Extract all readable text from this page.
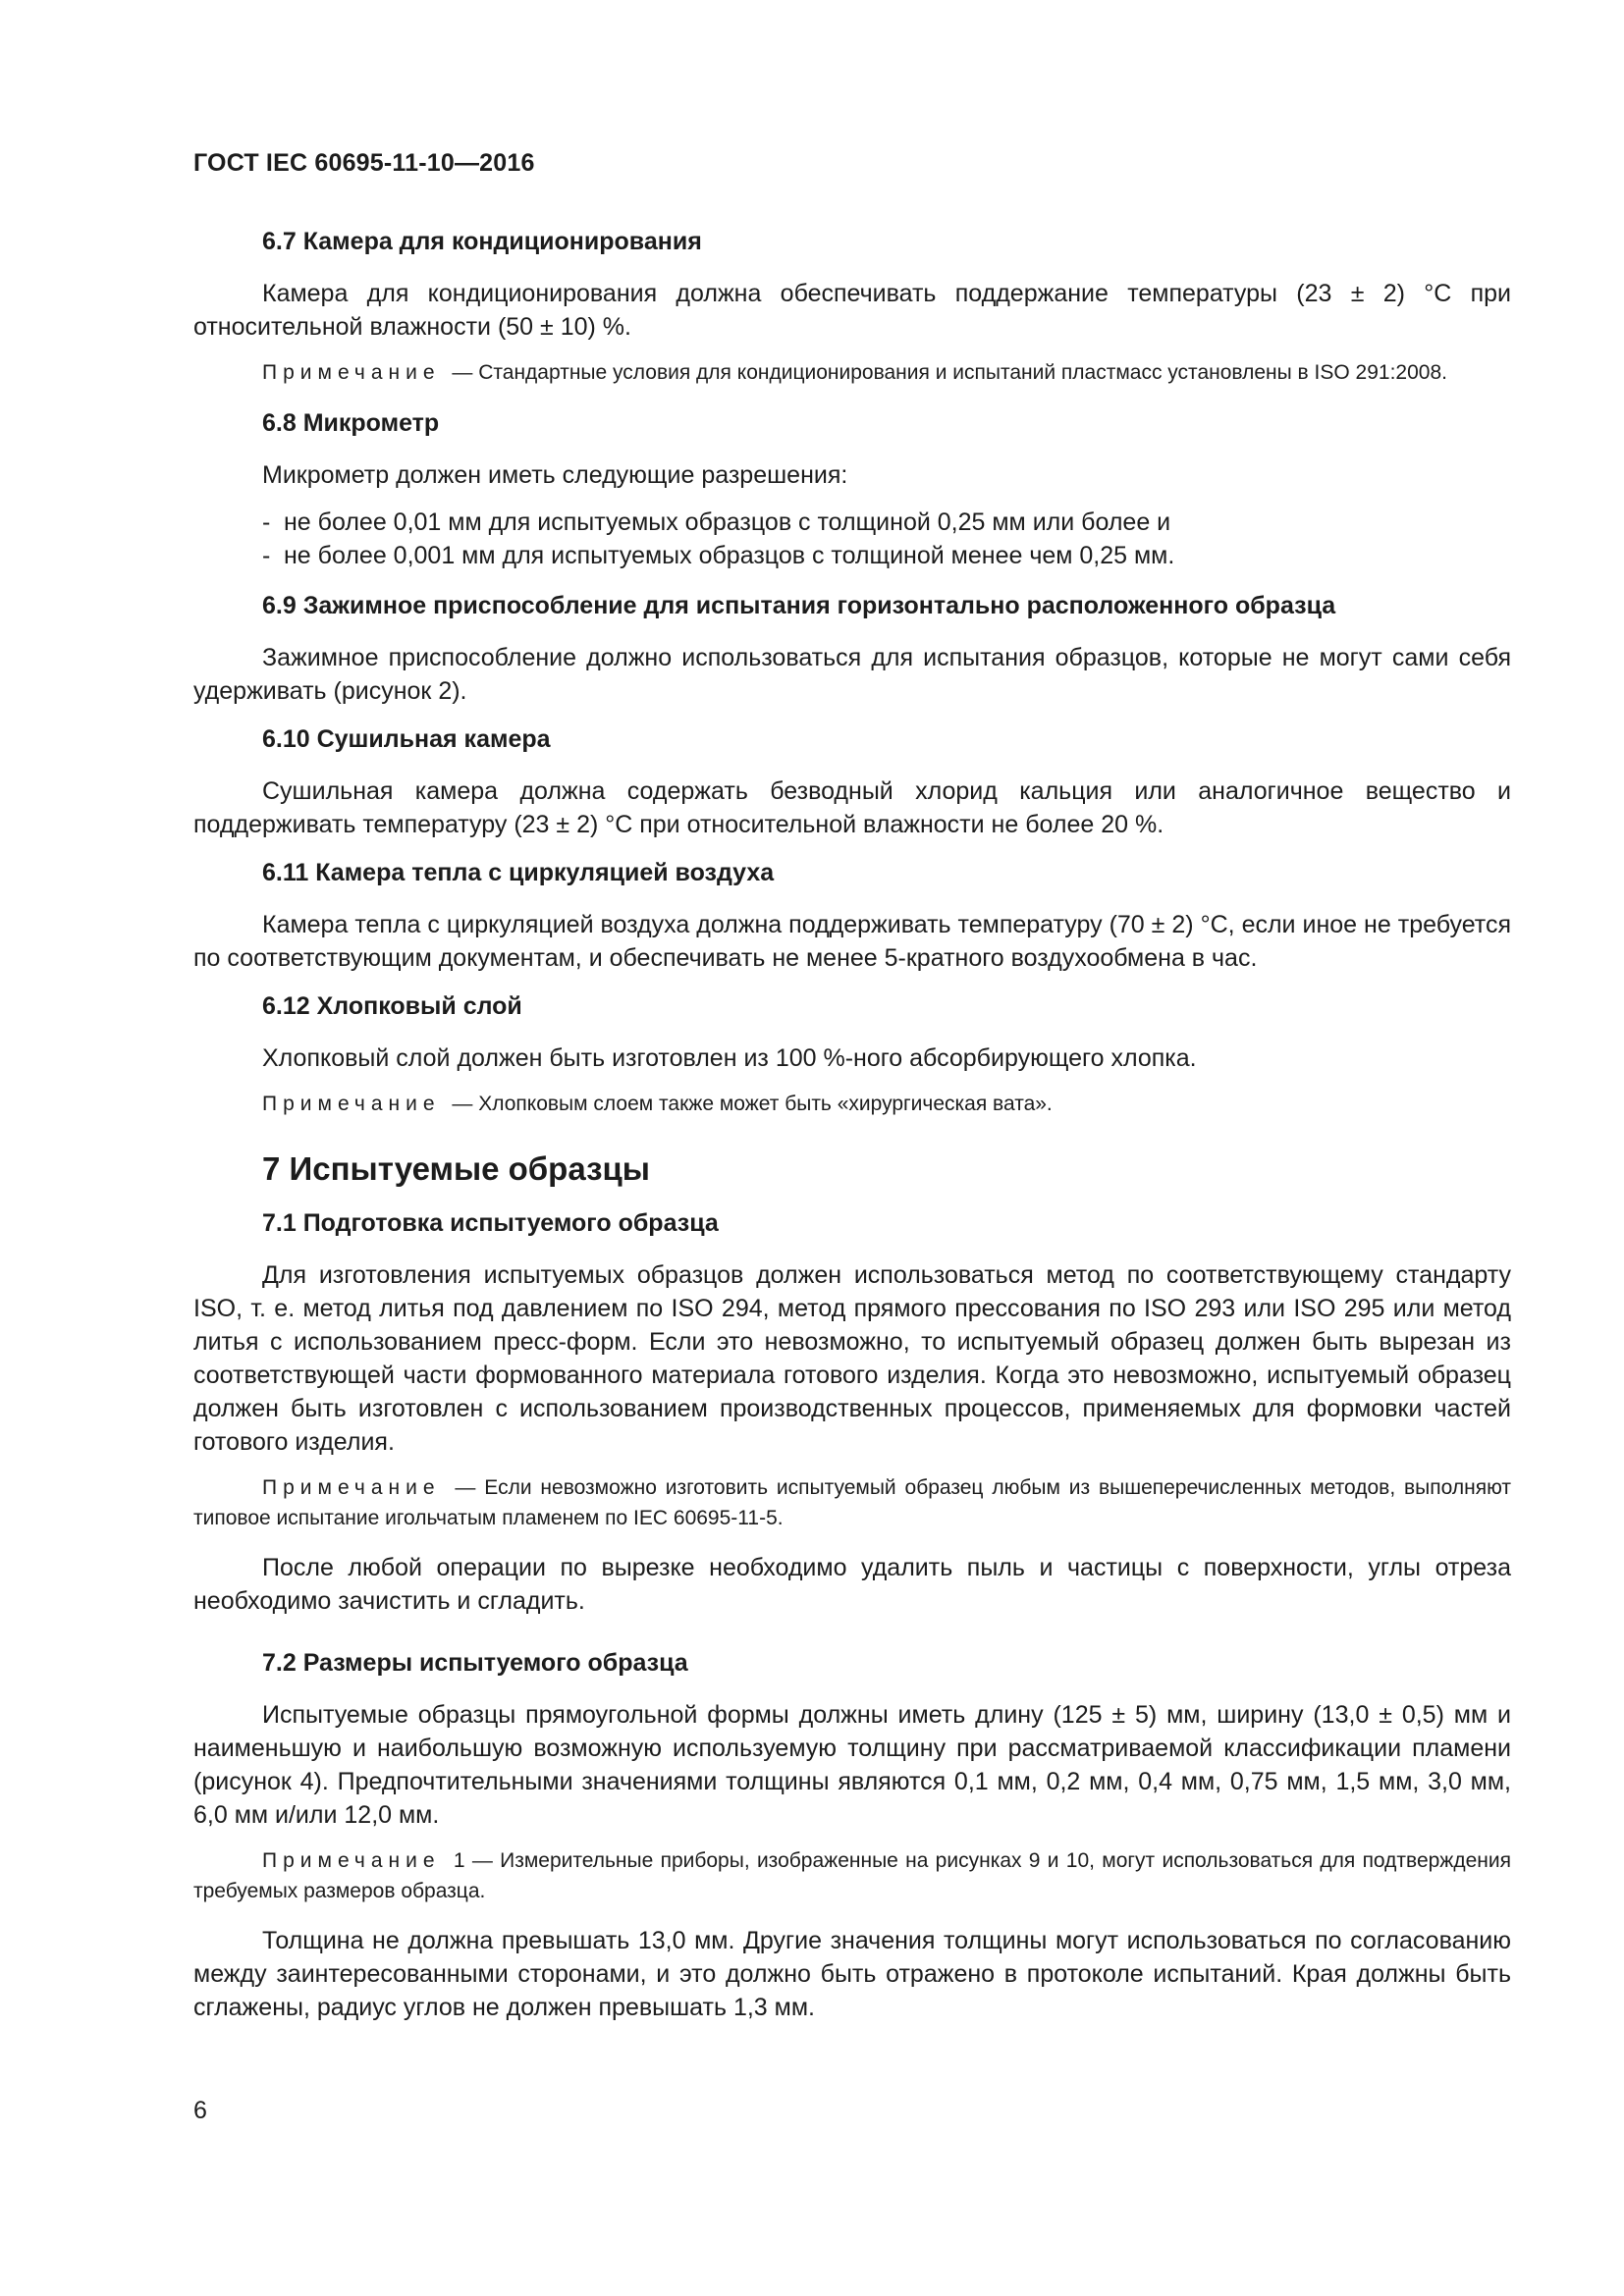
ГОСТ IEC 60695-11-10—2016
6.7 Камера для кондиционирования

Камера для кондиционирования должна обеспечивать поддержание температуры (23 ± 2) °С при относительной влажности (50 ± 10) %.

Примечание — Стандартные условия для кондиционирования и испытаний пластмасс установлены в ISO 291:2008.

6.8 Микрометр

Микрометр должен иметь следующие разрешения:

- не более 0,01 мм для испытуемых образцов с толщиной 0,25 мм или более и
- не более 0,001 мм для испытуемых образцов с толщиной менее чем 0,25 мм.
6.9 Зажимное приспособление для испытания горизонтально расположенного образца

Зажимное приспособление должно использоваться для испытания образцов, которые не могут сами себя удерживать (рисунок 2).

6.10 Сушильная камера

Сушильная камера должна содержать безводный хлорид кальция или аналогичное вещество и поддерживать температуру (23 ± 2) °С при относительной влажности не более 20 %.

6.11 Камера тепла с циркуляцией воздуха

Камера тепла с циркуляцией воздуха должна поддерживать температуру (70 ± 2) °С, если иное не требуется по соответствующим документам, и обеспечивать не менее 5-кратного воздухообмена в час.

6.12 Хлопковый слой

Хлопковый слой должен быть изготовлен из 100 %-ного абсорбирующего хлопка.

Примечание — Хлопковым слоем также может быть «хирургическая вата».

7 Испытуемые образцы
7.1 Подготовка испытуемого образца

Для изготовления испытуемых образцов должен использоваться метод по соответствующему стандарту ISO, т. е. метод литья под давлением по ISO 294, метод прямого прессования по ISO 293 или ISO 295 или метод литья с использованием пресс-форм. Если это невозможно, то испытуемый образец должен быть вырезан из соответствующей части формованного материала готового изделия. Когда это невозможно, испытуемый образец должен быть изготовлен с использованием производственных процессов, применяемых для формовки частей готового изделия.

Примечание — Если невозможно изготовить испытуемый образец любым из вышеперечисленных методов, выполняют типовое испытание игольчатым пламенем по IEC 60695-11-5.

После любой операции по вырезке необходимо удалить пыль и частицы с поверхности, углы отреза необходимо зачистить и сгладить.

7.2 Размеры испытуемого образца

Испытуемые образцы прямоугольной формы должны иметь длину (125 ± 5) мм, ширину (13,0 ± 0,5) мм и наименьшую и наибольшую возможную используемую толщину при рассматриваемой классификации пламени (рисунок 4). Предпочтительными значениями толщины являются 0,1 мм, 0,2 мм, 0,4 мм, 0,75 мм, 1,5 мм, 3,0 мм, 6,0 мм и/или 12,0 мм.

Примечание 1 — Измерительные приборы, изображенные на рисунках 9 и 10, могут использоваться для подтверждения требуемых размеров образца.

Толщина не должна превышать 13,0 мм. Другие значения толщины могут использоваться по согласованию между заинтересованными сторонами, и это должно быть отражено в протоколе испытаний. Края должны быть сглажены, радиус углов не должен превышать 1,3 мм.

6
